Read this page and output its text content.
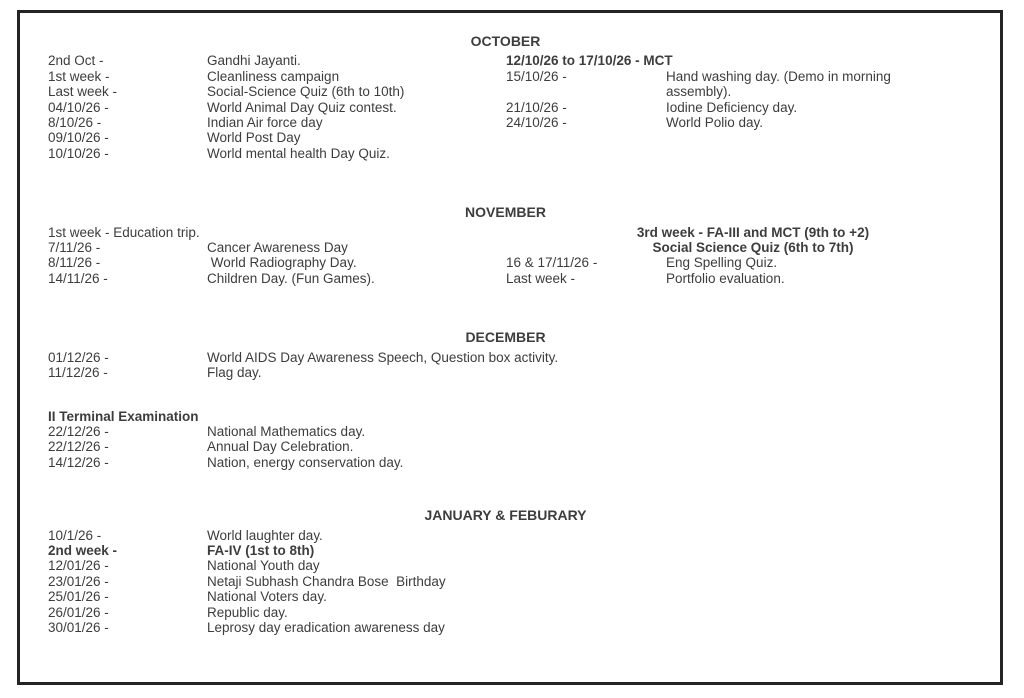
OCTOBER
2nd Oct -	Gandhi Jayanti.	12/10/26 to 17/10/26 - MCT
1st week -	Cleanliness campaign	15/10/26 -	Hand washing day. (Demo in morning
Last week -	Social-Science Quiz (6th to 10th)	assembly).
04/10/26 -	World Animal Day Quiz contest.	21/10/26 -	Iodine Deficiency day.
8/10/26 -	Indian Air force day	24/10/26 -	World Polio day.
09/10/26 -	World Post Day
10/10/26 -	World mental health Day Quiz.
NOVEMBER
1st week - Education trip.	3rd week - FA-III and MCT (9th to +2)
7/11/26 -	Cancer Awareness Day	Social Science Quiz (6th to 7th)
8/11/26 -	World Radiography Day.	16 & 17/11/26 -	Eng Spelling Quiz.
14/11/26 -	Children Day. (Fun Games).	Last week -	Portfolio evaluation.
DECEMBER
01/12/26 -	World AIDS Day Awareness Speech, Question box activity.
11/12/26 -	Flag day.
II Terminal Examination
22/12/26 -	National Mathematics day.
22/12/26 -	Annual Day Celebration.
14/12/26 -	Nation, energy conservation day.
JANUARY & FEBURARY
10/1/26 -	World laughter day.
2nd week -	FA-IV (1st to 8th)
12/01/26 -	National Youth day
23/01/26 -	Netaji Subhash Chandra Bose  Birthday
25/01/26 -	National Voters day.
26/01/26 -	Republic day.
30/01/26 -	Leprosy day eradication awareness day
